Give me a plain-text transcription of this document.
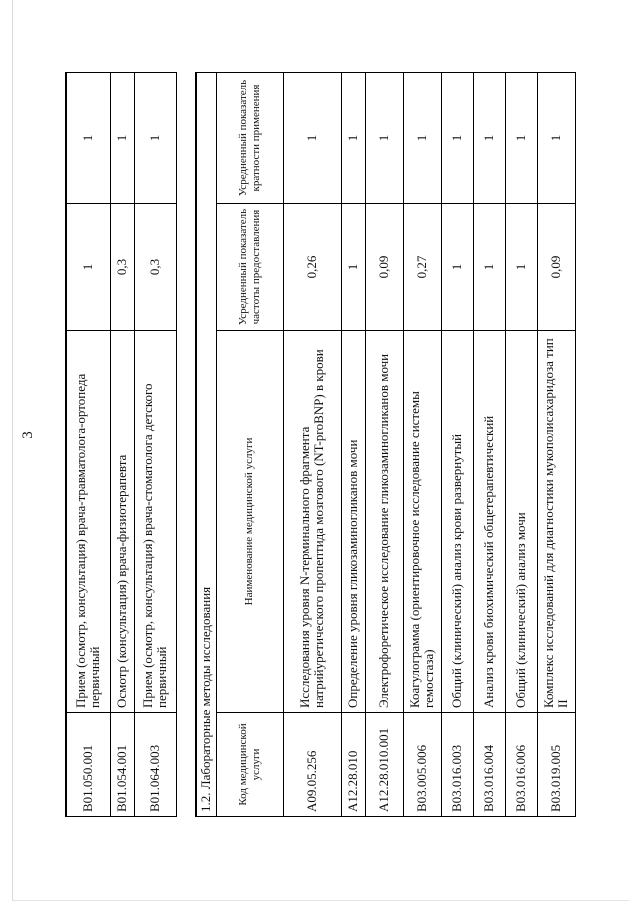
3
B01.050.001	Прием (осмотр, консультация) врача-травматолога-ортопеда первичный	1	1
B01.054.001	Осмотр (консультация) врача-физиотерапевта	0,3	1
B01.064.003	Прием (осмотр, консультация) врача-стоматолога детского первичный	0,3	1
1.2. Лабораторные методы исследования			
Код медицинской услуги	Наименование медицинской услуги	Усредненный показатель частоты предоставления	Усредненный показатель кратности применения
A09.05.256	Исследования уровня N-терминального фрагмента натрийуретического пропептида мозгового (NT-proBNP) в крови	0,26	1
A12.28.010	Определение уровня гликозаминогликанов мочи	1	1
A12.28.010.001	Электрофоретическое исследование гликозаминогликанов мочи	0,09	1
B03.005.006	Коагулограмма (ориентировочное исследование системы гемостаза)	0,27	1
B03.016.003	Общий (клинический) анализ крови развернутый	1	1
B03.016.004	Анализ крови биохимический общетерапевтический	1	1
B03.016.006	Общий (клинический) анализ мочи	1	1
B03.019.005	Комплекс исследований для диагностики мукополисахаридоза тип II	0,09	1
